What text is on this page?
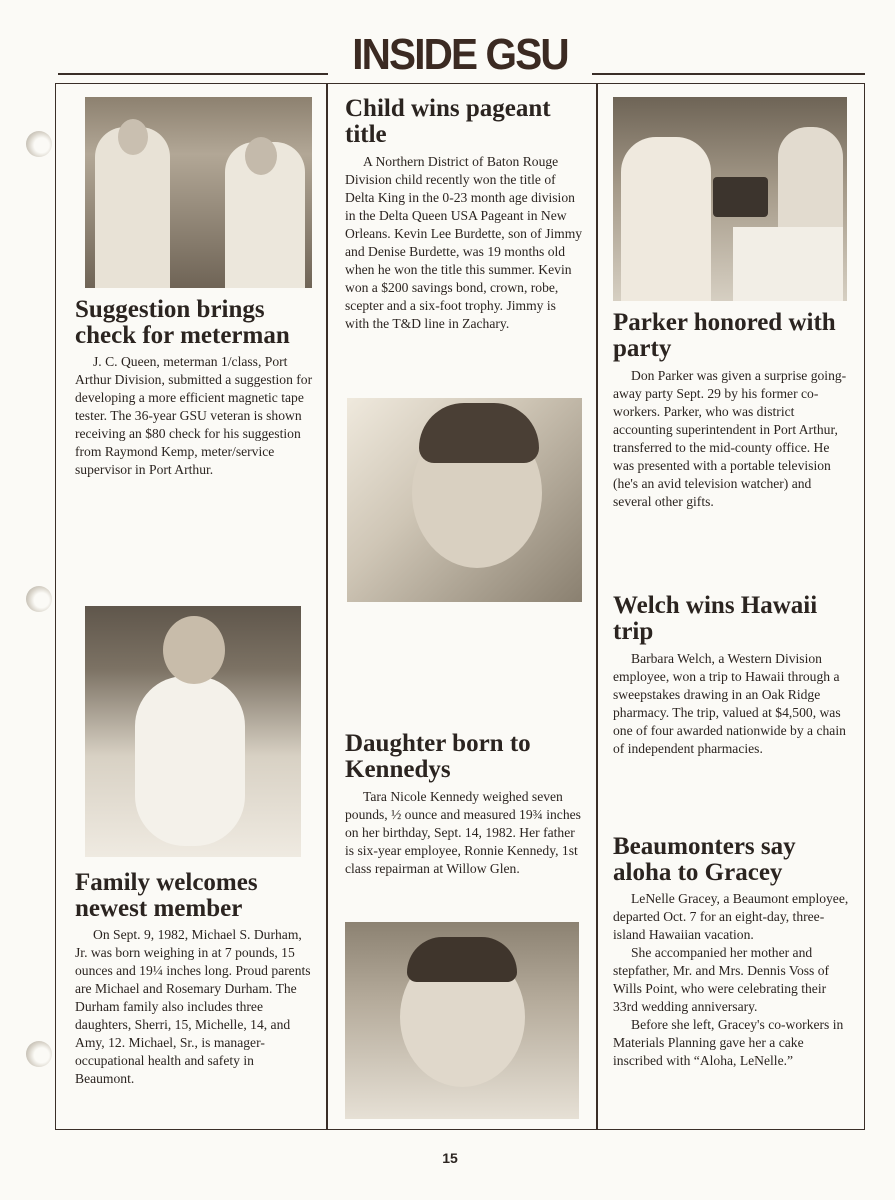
INSIDE GSU
Suggestion brings check for meterman

J. C. Queen, meterman 1/class, Port Arthur Division, submitted a suggestion for developing a more efficient magnetic tape tester. The 36-year GSU veteran is shown receiving an $80 check for his suggestion from Raymond Kemp, meter/service supervisor in Port Arthur.

Family welcomes newest member

On Sept. 9, 1982, Michael S. Durham, Jr. was born weighing in at 7 pounds, 15 ounces and 19¼ inches long. Proud parents are Michael and Rosemary Durham. The Durham family also includes three daughters, Sherri, 15, Michelle, 14, and Amy, 12. Michael, Sr., is manager-occupational health and safety in Beaumont.

Child wins pageant title

A Northern District of Baton Rouge Division child recently won the title of Delta King in the 0-23 month age division in the Delta Queen USA Pageant in New Orleans. Kevin Lee Burdette, son of Jimmy and Denise Burdette, was 19 months old when he won the title this summer. Kevin won a $200 savings bond, crown, robe, scepter and a six-foot trophy. Jimmy is with the T&D line in Zachary.

Daughter born to Kennedys

Tara Nicole Kennedy weighed seven pounds, ½ ounce and measured 19¾ inches on her birthday, Sept. 14, 1982. Her father is six-year employee, Ronnie Kennedy, 1st class repairman at Willow Glen.

Parker honored with party

Don Parker was given a surprise going-away party Sept. 29 by his former co-workers. Parker, who was district accounting superintendent in Port Arthur, transferred to the mid-county office. He was presented with a portable television (he's an avid television watcher) and several other gifts.

Welch wins Hawaii trip

Barbara Welch, a Western Division employee, won a trip to Hawaii through a sweepstakes drawing in an Oak Ridge pharmacy. The trip, valued at $4,500, was one of four awarded nationwide by a chain of independent pharmacies.

Beaumonters say aloha to Gracey

LeNelle Gracey, a Beaumont employee, departed Oct. 7 for an eight-day, three-island Hawaiian vacation.
She accompanied her mother and stepfather, Mr. and Mrs. Dennis Voss of Wills Point, who were celebrating their 33rd wedding anniversary.
Before she left, Gracey's co-workers in Materials Planning gave her a cake inscribed with “Aloha, LeNelle.”

15
